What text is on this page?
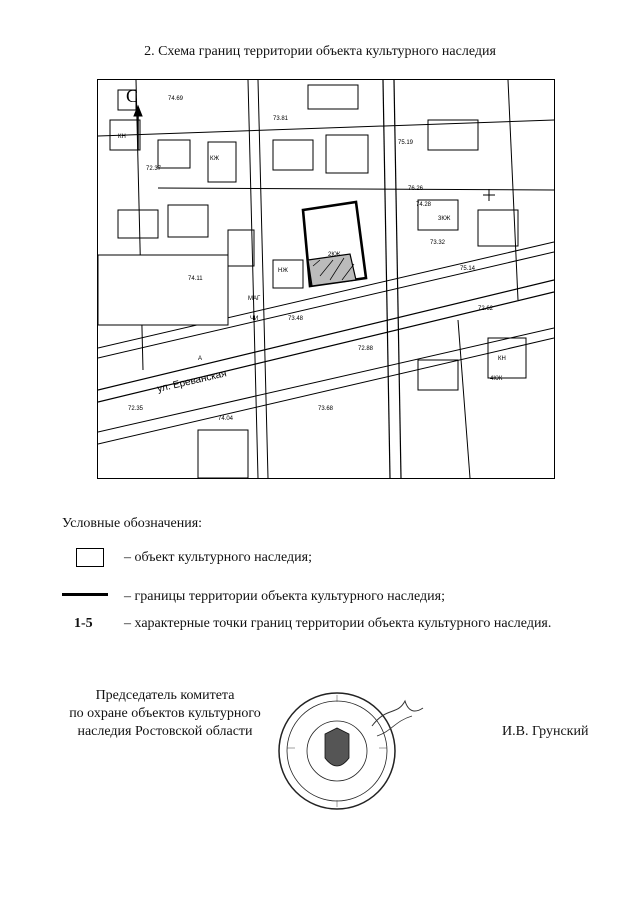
2. Схема границ территории объекта культурного наследия
С
ул. Ереванская
КН
КЖ
2КЖ
3КЖ
МАГ
ЧИ
А
НЖ
КН
4КЖ
72.37
73.32
74.28
75.14
73.48
72.88
74.69
73.81
75.19
76.26
72.62
74.11
72.35	73.68
74.04
Условные обозначения:
– объект культурного наследия;
– границы территории объекта культурного наследия;
1-5 – характерные точки границ территории объекта культурного наследия.
Председатель комитета
по охране объектов культурного
наследия Ростовской области	И.В. Грунский
